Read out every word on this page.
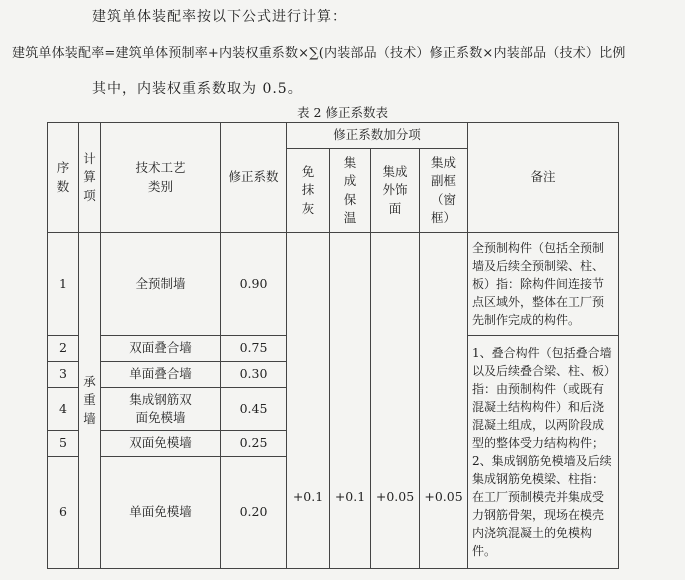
建筑单体装配率按以下公式进行计算：
建筑单体装配率=建筑单体预制率+内装权重系数×∑(内装部品（技术）修正系数×内装部品（技术）比例
其中，内装权重系数取为 0.5。
表 2 修正系数表
序数	计算项	技术工艺类别	修正系数	修正系数加分项				备注
				免抹灰	集成保温	集成外饰面	集成副框（窗框）	
1	承重墙	全预制墙	0.90	+0.1	+0.1	+0.05	+0.05	全预制构件（包括全预制墙及后续全预制梁、柱、板）指：除构件间连接节点区域外，整体在工厂预先制作完成的构件。

2		双面叠合墙	0.75					1、叠合构件（包括叠合墙以及后续叠合梁、柱、板）指：由预制构件（或既有混凝土结构构件）和后浇混凝土组成，以两阶段成型的整体受力结构构件；

2、集成钢筋免模墙及后续集成钢筋免模梁、柱指：在工厂预制模壳并集成受力钢筋骨架，现场在模壳内浇筑混凝土的免模构件。

3		单面叠合墙	0.30					
4		集成钢筋双面免模墙	0.45					
5		双面免模墙	0.25					
6		单面免模墙	0.20					
